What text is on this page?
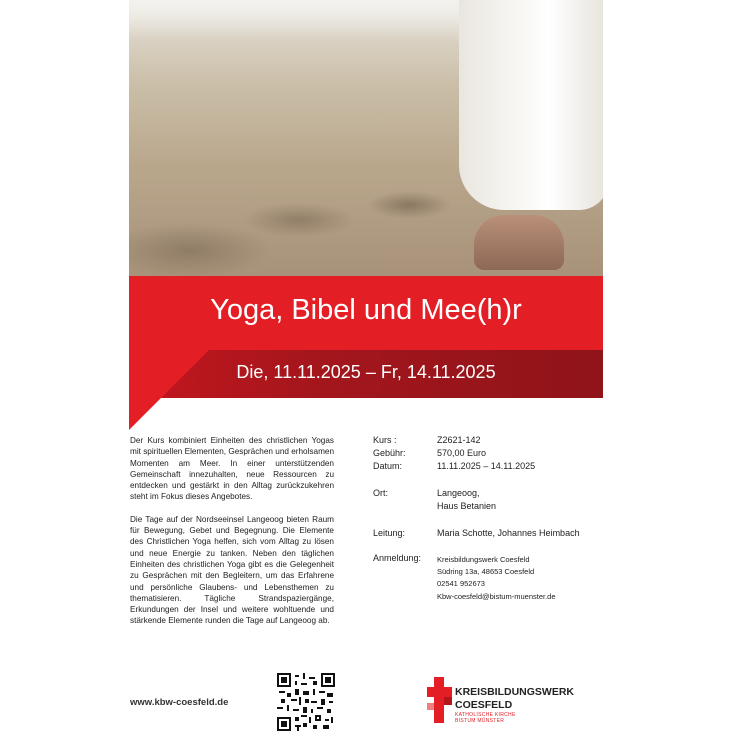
Yoga, Bibel und Mee(h)r
Die, 11.11.2025 – Fr, 14.11.2025

Der Kurs kombiniert Einheiten des christlichen Yogas mit spirituellen Elementen, Gesprächen und erholsamen Momenten am Meer. In einer unterstützenden Gemeinschaft innezuhalten, neue Ressourcen zu entdecken und gestärkt in den Alltag zurückzukehren steht im Fokus dieses Angebotes.

Die Tage auf der Nordseeinsel Langeoog bieten Raum für Bewegung, Gebet und Begegnung. Die Elemente des Christlichen Yoga helfen, sich vom Alltag zu lösen und neue Energie zu tanken. Neben den täglichen Einheiten des christlichen Yoga gibt es die Gelegenheit zu Gesprächen mit den Begleitern, um das Erfahrene und persönliche Glaubens- und Lebensthemen zu thematisieren. Tägliche Strandspaziergänge, Erkundungen der Insel und weitere wohltuende und stärkende Elemente runden die Tage auf Langeoog ab.

Kurs :	Z2621-142
Gebühr:	570,00 Euro
Datum:	11.11.2025 – 14.11.2025
Ort:	Langeoog,
Haus Betanien
Leitung:	Maria Schotte, Johannes Heimbach
Anmeldung: Kreisbildungswerk Coesfeld
Südring 13a, 48653 Coesfeld
02541 952673
Kbw-coesfeld@bistum-muenster.de
www.kbw-coesfeld.de
KREISBILDUNGSWERK
COESFELD
KATHOLISCHE KIRCHE
BISTUM MÜNSTER
